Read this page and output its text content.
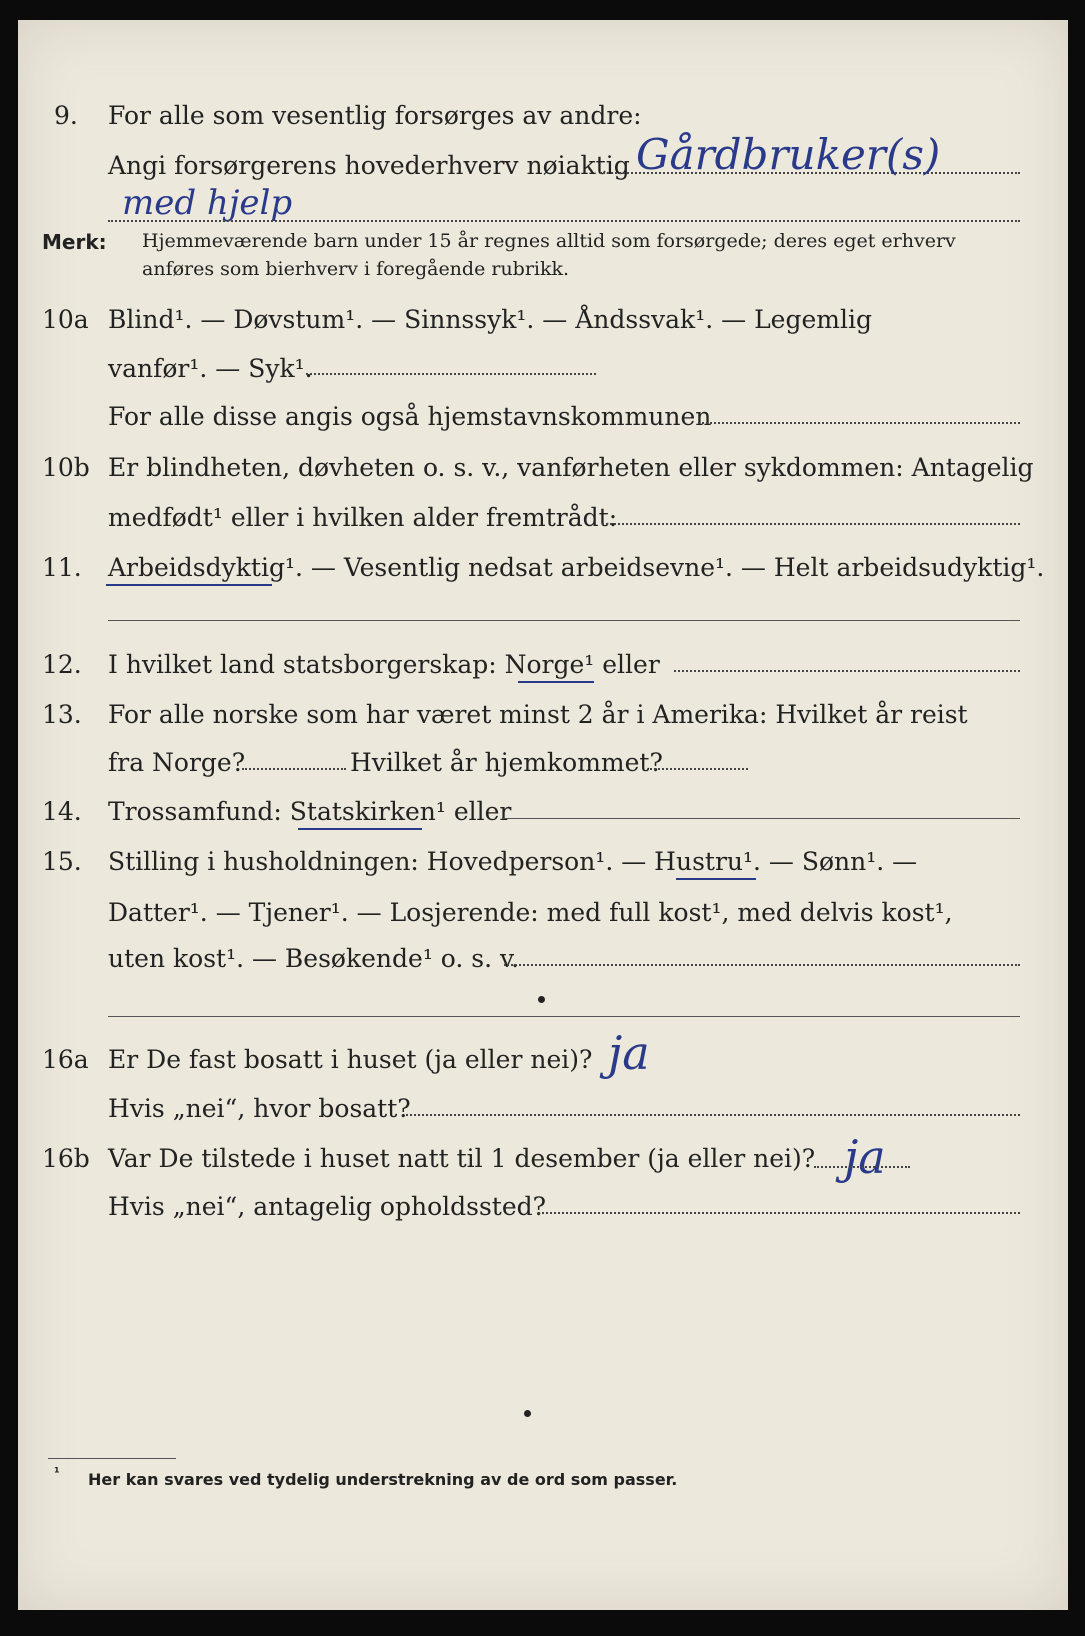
9. For alle som vesentlig forsørges av andre:
Angi forsørgerens hovederhverv nøiaktig Gårdbruker(s)
med hjelp
Merk: Hjemmeværende barn under 15 år regnes alltid som forsørgede; deres eget erhverv
anføres som bierhverv i foregående rubrikk.
10a Blind¹. — Døvstum¹. — Sinnssyk¹. — Åndssvak¹. — Legemlig
vanfør¹. — Syk¹.
For alle disse angis også hjemstavnskommunen
10b Er blindheten, døvheten o. s. v., vanførheten eller sykdommen: Antagelig
medfødt¹ eller i hvilken alder fremtrådt:
11. Arbeidsdyktig¹. — Vesentlig nedsat arbeidsevne¹. — Helt arbeidsudyktig¹.
12. I hvilket land statsborgerskap: Norge¹ eller
13. For alle norske som har været minst 2 år i Amerika: Hvilket år reist
fra Norge?	Hvilket år hjemkommet?
14. Trossamfund: Statskirken¹ eller
15. Stilling i husholdningen: Hovedperson¹. — Hustru¹. — Sønn¹. —
Datter¹. — Tjener¹. — Losjerende: med full kost¹, med delvis kost¹,
uten kost¹. — Besøkende¹ o. s. v.
16a Er De fast bosatt i huset (ja eller nei)? ja
Hvis „nei“, hvor bosatt?
16b Var De tilstede i huset natt til 1 desember (ja eller nei)? ja
Hvis „nei“, antagelig opholdssted?
¹ Her kan svares ved tydelig understrekning av de ord som passer.
